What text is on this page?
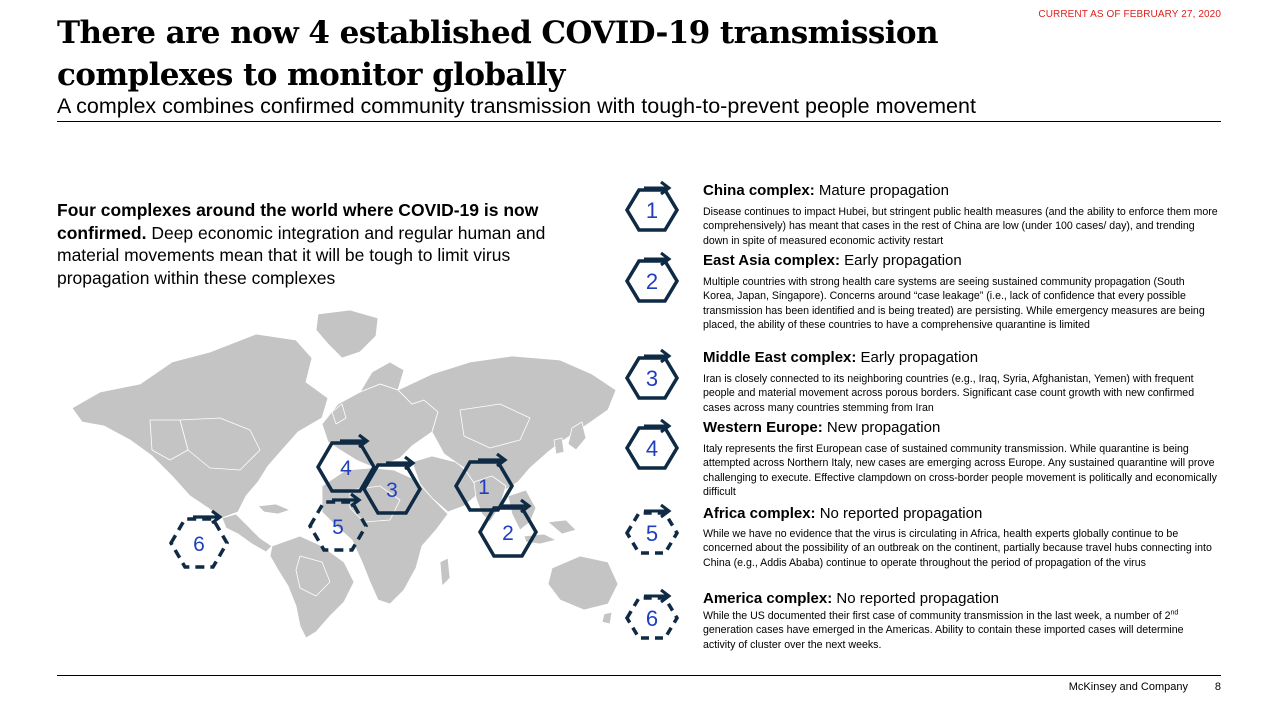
CURRENT AS OF FEBRUARY 27, 2020
There are now 4 established COVID-19 transmission complexes to monitor globally
A complex combines confirmed community transmission with tough-to-prevent people movement

Four complexes around the world where COVID-19 is now confirmed. Deep economic integration and regular human and material movements mean that it will be tough to limit virus propagation within these complexes

4
3	1
2
5
6
1
2
3
4
5
6

China complex: Mature propagation

Disease continues to impact Hubei, but stringent public health measures (and the ability to enforce them more comprehensively) has meant that cases in the rest of China are low (under 100 cases/ day), and trending down in spite of measured economic activity restart

East Asia complex: Early propagation

Multiple countries with strong health care systems are seeing sustained community propagation (South Korea, Japan, Singapore). Concerns around “case leakage” (i.e., lack of confidence that every possible transmission has been identified and is being treated) are persisting. While emergency measures are being placed, the ability of these countries to have a comprehensive quarantine is limited

Middle East complex: Early propagation

Iran is closely connected to its neighboring countries (e.g., Iraq, Syria, Afghanistan, Yemen) with frequent people and material movement across porous borders. Significant case count growth with new confirmed cases across many countries stemming from Iran

Western Europe: New propagation

Italy represents the first European case of sustained community transmission. While quarantine is being attempted across Northern Italy, new cases are emerging across Europe. Any sustained quarantine will prove challenging to execute. Effective clampdown on cross-border people movement is politically and economically difficult

Africa complex: No reported propagation

While we have no evidence that the virus is circulating in Africa, health experts globally continue to be concerned about the possibility of an outbreak on the continent, partially because travel hubs connecting into China (e.g., Addis Ababa) continue to operate throughout the period of propagation of the virus

America complex: No reported propagation

While the US documented their first case of community transmission in the last week, a number of 2nd generation cases have emerged in the Americas. Ability to contain these imported cases will determine activity of cluster over the next weeks.

McKinsey and Company 8
